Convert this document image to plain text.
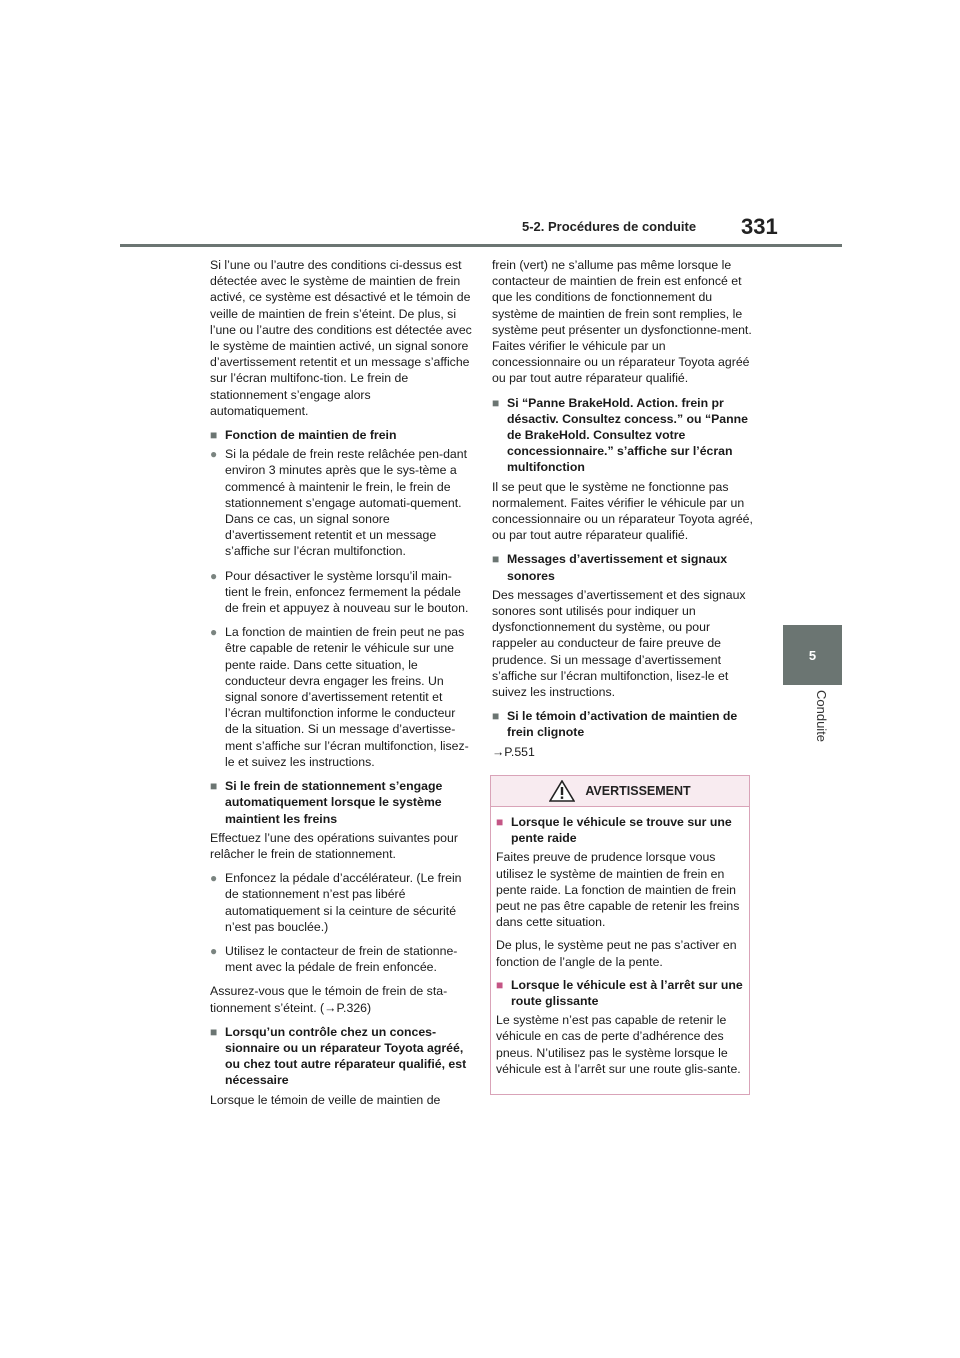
5-2. Procédures de conduite 331
5
Conduite

Si l’une ou l’autre des conditions ci-dessus est détectée avec le système de maintien de frein activé, ce système est désactivé et le témoin de veille de maintien de frein s’éteint. De plus, si l’une ou l’autre des conditions est détectée avec le système de maintien activé, un signal sonore d’avertissement retentit et un message s’affiche sur l’écran multifonc-tion. Le frein de stationnement s’engage alors automatiquement.

■ Fonction de maintien de frein
● Si la pédale de frein reste relâchée pen-dant environ 3 minutes après que le sys-tème a commencé à maintenir le frein, le frein de stationnement s’engage automati-quement. Dans ce cas, un signal sonore d’avertissement retentit et un message s’affiche sur l’écran multifonction.
● Pour désactiver le système lorsqu’il main-tient le frein, enfoncez fermement la pédale de frein et appuyez à nouveau sur le bouton.
● La fonction de maintien de frein peut ne pas être capable de retenir le véhicule sur une pente raide. Dans cette situation, le conducteur devra engager les freins. Un signal sonore d’avertissement retentit et l’écran multifonction informe le conducteur de la situation. Si un message d’avertisse-ment s’affiche sur l’écran multifonction, lisez-le et suivez les instructions.
■ Si le frein de stationnement s’engage automatiquement lorsque le système maintient les freins

Effectuez l’une des opérations suivantes pour relâcher le frein de stationnement.

● Enfoncez la pédale d’accélérateur. (Le frein de stationnement n’est pas libéré automatiquement si la ceinture de sécurité n’est pas bouclée.)
● Utilisez le contacteur de frein de stationne-ment avec la pédale de frein enfoncée.

Assurez-vous que le témoin de frein de sta-tionnement s’éteint. (→P.326)

■ Lorsqu’un contrôle chez un conces-sionnaire ou un réparateur Toyota agréé, ou chez tout autre réparateur qualifié, est nécessaire

Lorsque le témoin de veille de maintien de

frein (vert) ne s’allume pas même lorsque le contacteur de maintien de frein est enfoncé et que les conditions de fonctionnement du système de maintien de frein sont remplies, le système peut présenter un dysfonctionne-ment. Faites vérifier le véhicule par un concessionnaire ou un réparateur Toyota agréé ou par tout autre réparateur qualifié.

■ Si “Panne BrakeHold. Action. frein pr désactiv. Consultez concess.” ou “Panne de BrakeHold. Consultez votre concessionnaire.” s’affiche sur l’écran multifonction

Il se peut que le système ne fonctionne pas normalement. Faites vérifier le véhicule par un concessionnaire ou un réparateur Toyota agréé, ou par tout autre réparateur qualifié.

■ Messages d’avertissement et signaux sonores

Des messages d’avertissement et des signaux sonores sont utilisés pour indiquer un dysfonctionnement du système, ou pour rappeler au conducteur de faire preuve de prudence. Si un message d’avertissement s’affiche sur l’écran multifonction, lisez-le et suivez les instructions.

■ Si le témoin d’activation de maintien de frein clignote

→P.551

AVERTISSEMENT
■ Lorsque le véhicule se trouve sur une pente raide

Faites preuve de prudence lorsque vous utilisez le système de maintien de frein en pente raide. La fonction de maintien de frein peut ne pas être capable de retenir les freins dans cette situation.

De plus, le système peut ne pas s’activer en fonction de l’angle de la pente.

■ Lorsque le véhicule est à l’arrêt sur une route glissante

Le système n’est pas capable de retenir le véhicule en cas de perte d’adhérence des pneus. N’utilisez pas le système lorsque le véhicule est à l’arrêt sur une route glis-sante.
